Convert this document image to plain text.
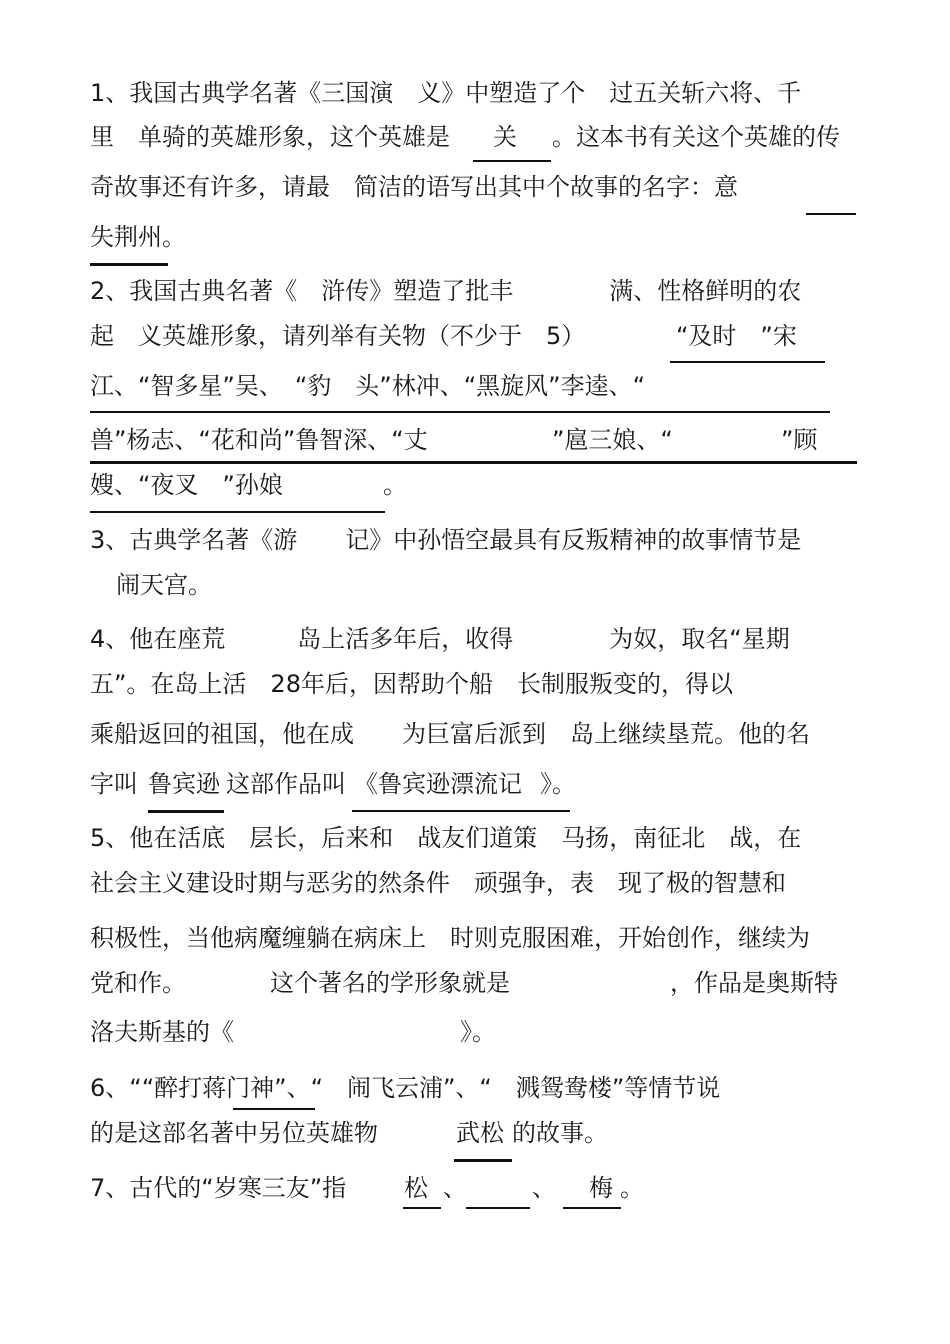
1、我国古典学名著《三国演　义》中塑造了个　过五关斩六将、千
里　单骑的英雄形象，这个英雄是 关 。这本书有关这个英雄的传
奇故事还有许多，请最　简洁的语写出其中个故事的名字：意
失荆州。
2、我国古典名著《　浒传》塑造了批丰　　　　满、性格鲜明的农
起　义英雄形象，请列举有关物（不少于　5）	“及时　”宋
江、“智多星”吴、　“豹　头”林冲、“黑旋风”李逵、“
兽”杨志、“花和尚”鲁智深、“丈	”扈三娘、“	”顾
嫂、“夜叉　”孙娘	。
3、古典学名著《游　　记》中孙悟空最具有反叛精神的故事情节是
闹天宫。
4、他在座荒　　　岛上活多年后，收得　　　　为奴，取名“星期
五”。在岛上活　28年后，因帮助个船　长制服叛变的，得以
乘船返回的祖国，他在成　　为巨富后派到　岛上继续垦荒。他的名
字叫 鲁宾逊 这部作品叫 《鲁宾逊漂流记 》。
5、他在活底　层长，后来和　战友们道策　马扬，南征北　战，在
社会主义建设时期与恶劣的然条件　顽强争，表　现了极的智慧和
积极性，当他病魔缠躺在病床上　时则克服困难，开始创作，继续为
党和作。	这个著名的学形象就是	，作品是奥斯特
洛夫斯基的《	》。
6、““醉打蒋门神”、“　闹飞云浦”、“　溅鸳鸯楼”等情节说
的是这部名著中另位英雄物	武松 的故事。
7、古代的“岁寒三友”指 松 、	、 梅 。
